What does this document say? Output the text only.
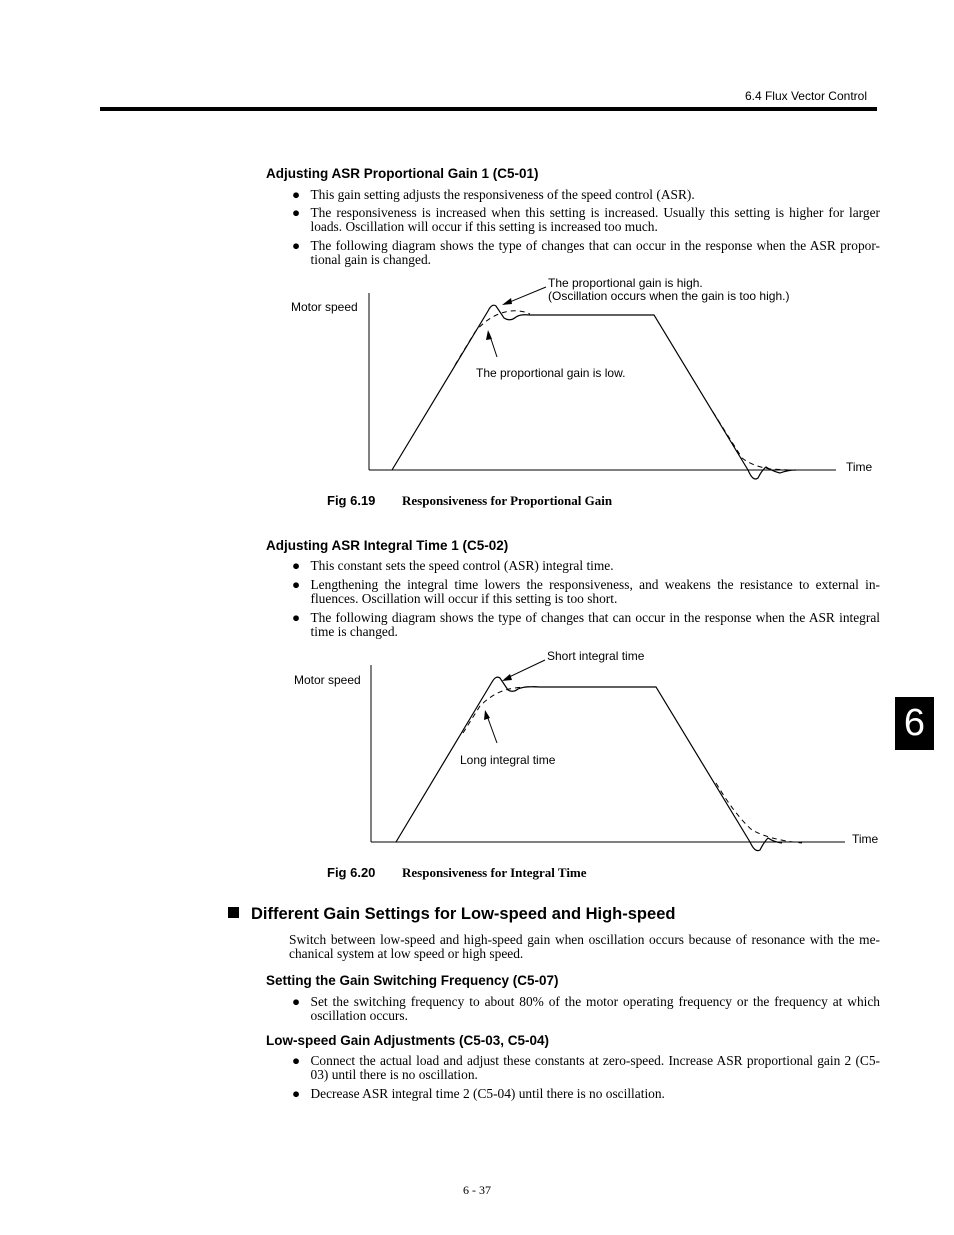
6.4 Flux Vector Control
Adjusting ASR Proportional Gain 1 (C5-01)
● This gain setting adjusts the responsiveness of the speed control (ASR).
● The responsiveness is increased when this setting is increased. Usually this setting is higher for larger loads. Oscillation will occur if this setting is increased too much.
● The following diagram shows the type of changes that can occur in the response when the ASR propor- tional gain is changed.
Motor speed
Time
The proportional gain is high.
(Oscillation occurs when the gain is too high.)
The proportional gain is low.
Motor speed
Time
Short integral time
Long integral time
Fig 6.19 Responsiveness for Proportional Gain
Adjusting ASR Integral Time 1 (C5-02)
● This constant sets the speed control (ASR) integral time.
● Lengthening the integral time lowers the responsiveness, and weakens the resistance to external in- fluences. Oscillation will occur if this setting is too short.
● The following diagram shows the type of changes that can occur in the response when the ASR integral time is changed.
Fig 6.20 Responsiveness for Integral Time
6
Different Gain Settings for Low-speed and High-speed
Switch between low-speed and high-speed gain when oscillation occurs because of resonance with the me- chanical system at low speed or high speed.
Setting the Gain Switching Frequency (C5-07)
● Set the switching frequency to about 80% of the motor operating frequency or the frequency at which oscillation occurs.
Low-speed Gain Adjustments (C5-03, C5-04)
● Connect the actual load and adjust these constants at zero-speed. Increase ASR proportional gain 2 (C5-03) until there is no oscillation.
● Decrease ASR integral time 2 (C5-04) until there is no oscillation.
6 - 37
